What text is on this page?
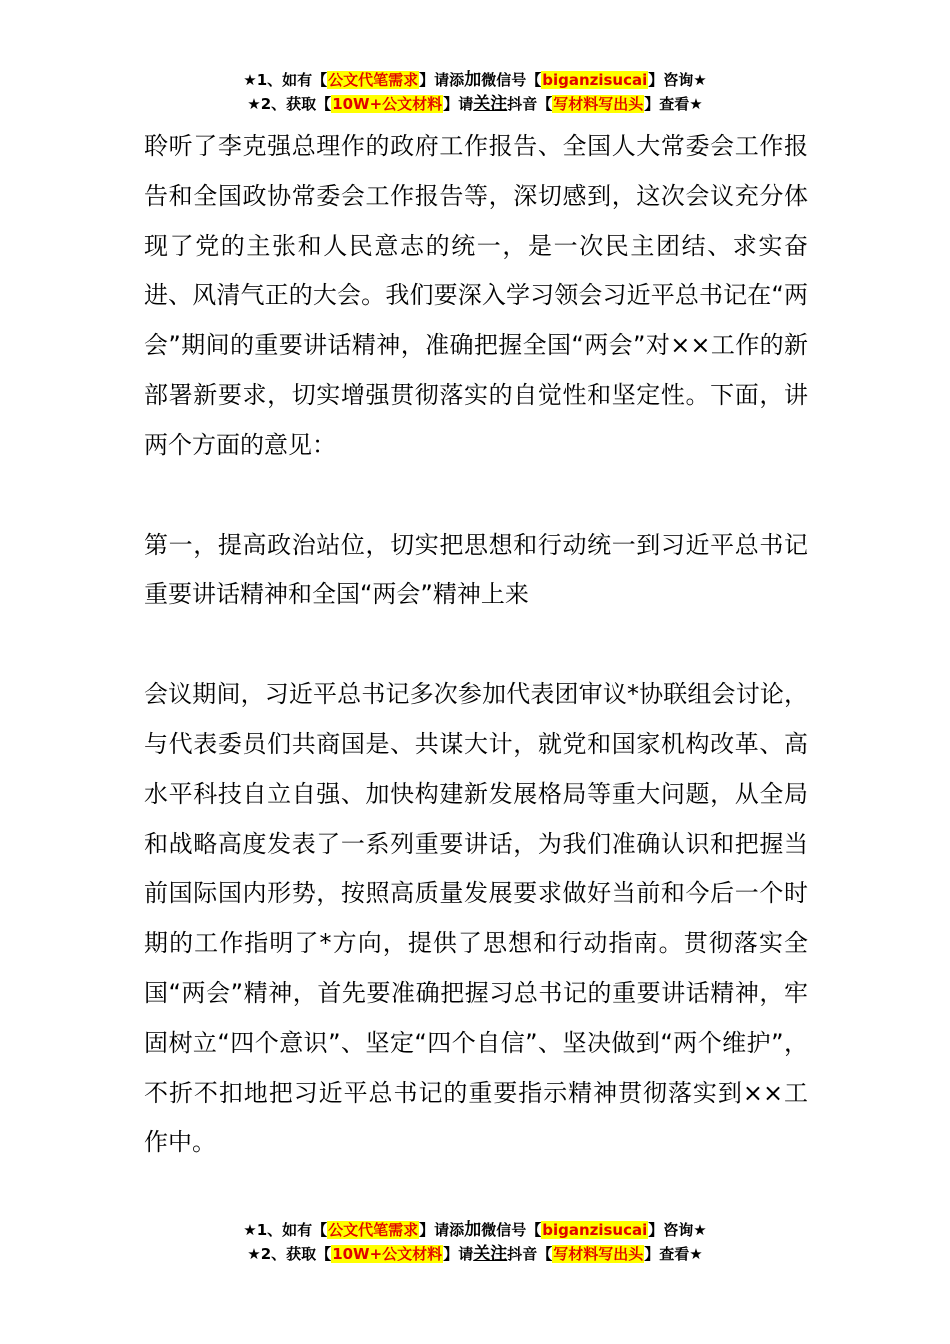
★1、如有【公文代笔需求】请添加微信号【biganzisucai】咨询★
★2、获取【10W+公文材料】请关注抖音【写材料写出头】查看★

聆听了李克强总理作的政府工作报告、全国人大常委会工作报告和全国政协常委会工作报告等，深切感到，这次会议充分体现了党的主张和人民意志的统一，是一次民主团结、求实奋进、风清气正的大会。我们要深入学习领会习近平总书记在“两会”期间的重要讲话精神，准确把握全国“两会”对××工作的新部署新要求，切实增强贯彻落实的自觉性和坚定性。下面，讲两个方面的意见：

第一，提高政治站位，切实把思想和行动统一到习近平总书记重要讲话精神和全国“两会”精神上来

会议期间，习近平总书记多次参加代表团审议*协联组会讨论，与代表委员们共商国是、共谋大计，就党和国家机构改革、高水平科技自立自强、加快构建新发展格局等重大问题，从全局和战略高度发表了一系列重要讲话，为我们准确认识和把握当前国际国内形势，按照高质量发展要求做好当前和今后一个时期的工作指明了*方向，提供了思想和行动指南。贯彻落实全国“两会”精神，首先要准确把握习总书记的重要讲话精神，牢固树立“四个意识”、坚定“四个自信”、坚决做到“两个维护”，不折不扣地把习近平总书记的重要指示精神贯彻落实到××工作中。

★1、如有【公文代笔需求】请添加微信号【biganzisucai】咨询★
★2、获取【10W+公文材料】请关注抖音【写材料写出头】查看★
